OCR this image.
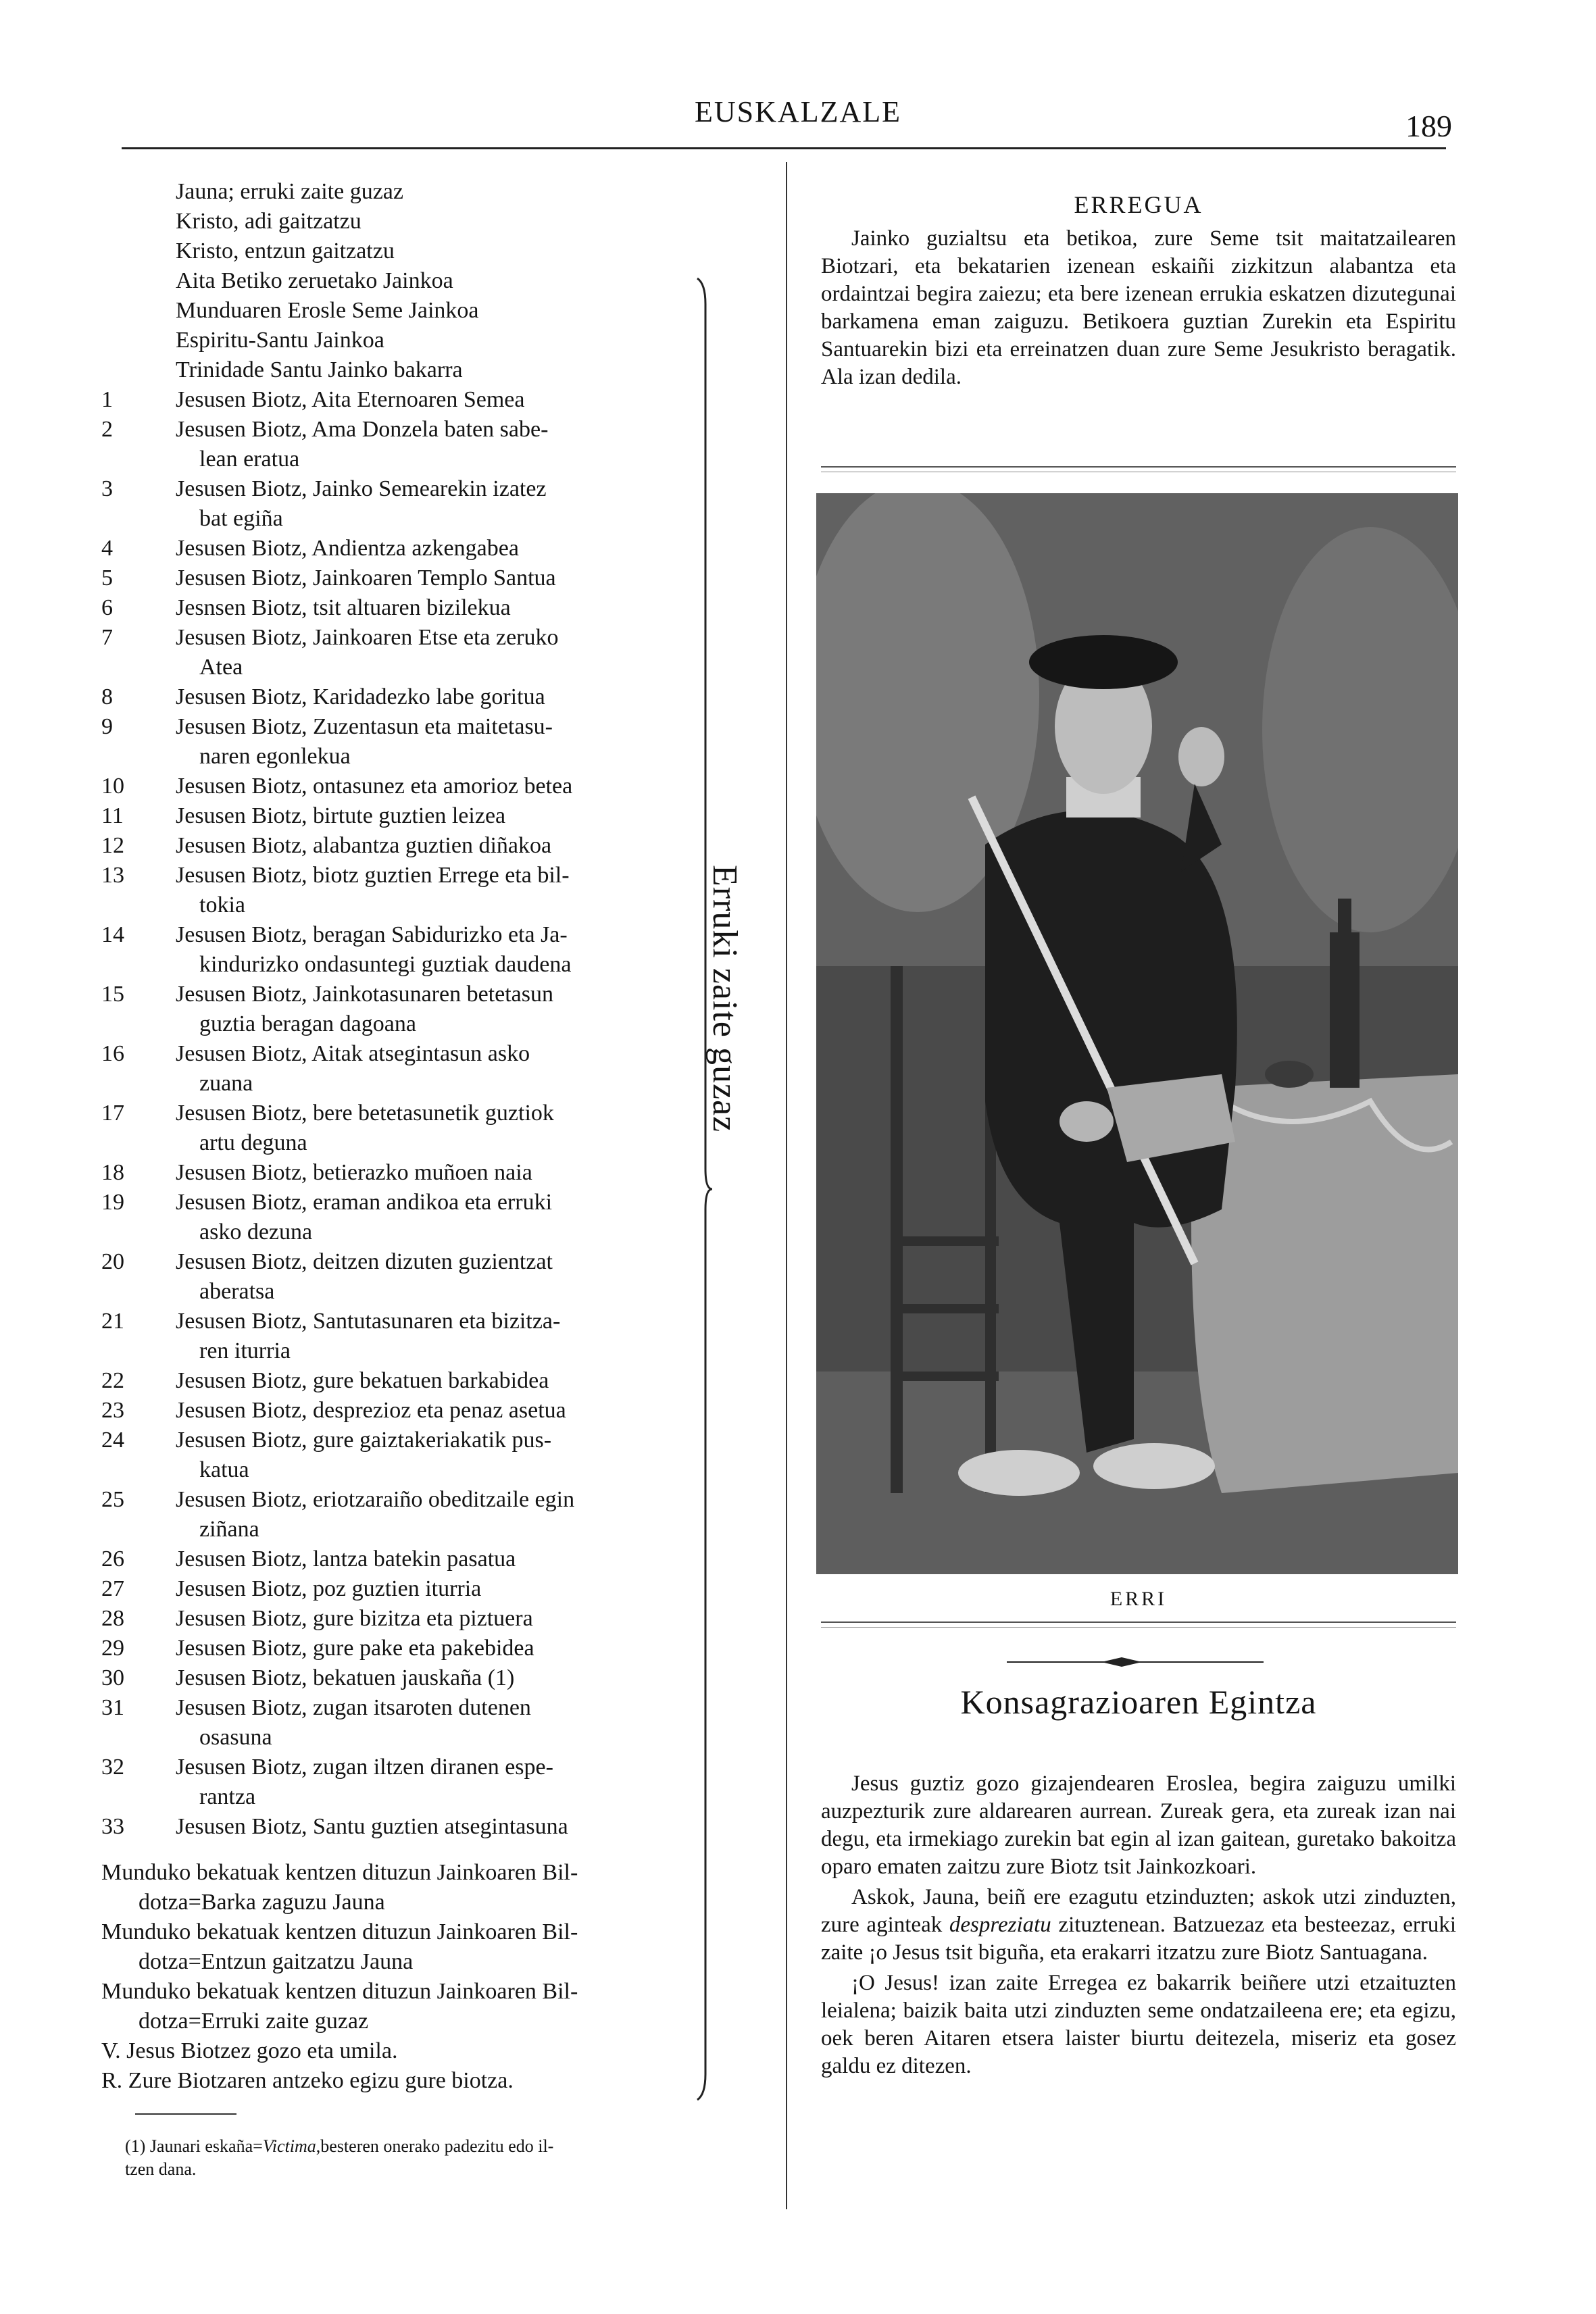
EUSKALZALE	189
Jauna; erruki zaite guzaz
Kristo, adi gaitzatzu
Kristo, entzun gaitzatzu
Aita Betiko zeruetako Jainkoa
Munduaren Erosle Seme Jainkoa
Espiritu-Santu Jainkoa
Trinidade Santu Jainko bakarra
1	Jesusen Biotz, Aita Eternoaren Semea
2	Jesusen Biotz, Ama Donzela baten sabe-
lean eratua
3	Jesusen Biotz, Jainko Semearekin izatez
bat egiña
4	Jesusen Biotz, Andientza azkengabea
5	Jesusen Biotz, Jainkoaren Templo Santua
6	Jesnsen Biotz, tsit altuaren bizilekua
7	Jesusen Biotz, Jainkoaren Etse eta zeruko
Atea
8	Jesusen Biotz, Karidadezko labe goritua
9	Jesusen Biotz, Zuzentasun eta maitetasu-
naren egonlekua
10	Jesusen Biotz, ontasunez eta amorioz betea
11	Jesusen Biotz, birtute guztien leizea
12	Jesusen Biotz, alabantza guztien diñakoa
13	Jesusen Biotz, biotz guztien Errege eta bil-
tokia
14	Jesusen Biotz, beragan Sabidurizko eta Ja-
kindurizko ondasuntegi guztiak daudena
15	Jesusen Biotz, Jainkotasunaren betetasun
guztia beragan dagoana
16	Jesusen Biotz, Aitak atsegintasun asko
zuana
17	Jesusen Biotz, bere betetasunetik guztiok
artu deguna
18	Jesusen Biotz, betierazko muñoen naia
19	Jesusen Biotz, eraman andikoa eta erruki
asko dezuna
20	Jesusen Biotz, deitzen dizuten guzientzat
aberatsa
21	Jesusen Biotz, Santutasunaren eta bizitza-
ren iturria
22	Jesusen Biotz, gure bekatuen barkabidea
23	Jesusen Biotz, desprezioz eta penaz asetua
24	Jesusen Biotz, gure gaiztakeriakatik pus-
katua
25	Jesusen Biotz, eriotzaraiño obeditzaile egin
ziñana
26	Jesusen Biotz, lantza batekin pasatua
27	Jesusen Biotz, poz guztien iturria
28	Jesusen Biotz, gure bizitza eta piztuera
29	Jesusen Biotz, gure pake eta pakebidea
30	Jesusen Biotz, bekatuen jauskaña (1)
31	Jesusen Biotz, zugan itsaroten dutenen
osasuna
32	Jesusen Biotz, zugan iltzen diranen espe-
rantza
33	Jesusen Biotz, Santu guztien atsegintasuna
Erruki zaite guzaz
Munduko bekatuak kentzen dituzun Jainkoaren Bil-
dotza=Barka zaguzu Jauna
Munduko bekatuak kentzen dituzun Jainkoaren Bil-
dotza=Entzun gaitzatzu Jauna
Munduko bekatuak kentzen dituzun Jainkoaren Bil-
dotza=Erruki zaite guzaz
V. Jesus Biotzez gozo eta umila.
R. Zure Biotzaren antzeko egizu gure biotza.
(1) Jaunari eskaña=Victima,besteren onerako padezitu edo il-
tzen dana.
ERREGUA

Jainko guzialtsu eta betikoa, zure Seme tsit maitatzailearen Biotzari, eta bekatarien izenean eskaiñi zizkitzun alabantza eta ordaintzai begira zaiezu; eta bere izenean errukia eskatzen dizutegunai barkamena eman zaiguzu. Betikoera guztian Zurekin eta Espiritu Santuarekin bizi eta erreinatzen duan zure Seme Jesukristo beragatik. Ala izan dedila.

ERRI
Konsagrazioaren Egintza

Jesus guztiz gozo gizajendearen Eroslea, begira zaiguzu umilki auzpezturik zure aldarearen aurrean. Zureak gera, eta zureak izan nai degu, eta irmekiago zurekin bat egin al izan gaitean, guretako bakoitza oparo ematen zaitzu zure Biotz tsit Jainkozkoari.

Askok, Jauna, beiñ ere ezagutu etzinduzten; askok utzi zinduzten, zure aginteak despreziatu zituztenean. Batzuezaz eta besteezaz, erruki zaite ¡o Jesus tsit biguña, eta erakarri itzatzu zure Biotz Santuagana.

¡O Jesus! izan zaite Erregea ez bakarrik beiñere utzi etzaituzten leialena; baizik baita utzi zinduzten seme ondatzaileena ere; eta egizu, oek beren Aitaren etsera laister biurtu deitezela, miseriz eta gosez galdu ez ditezen.
